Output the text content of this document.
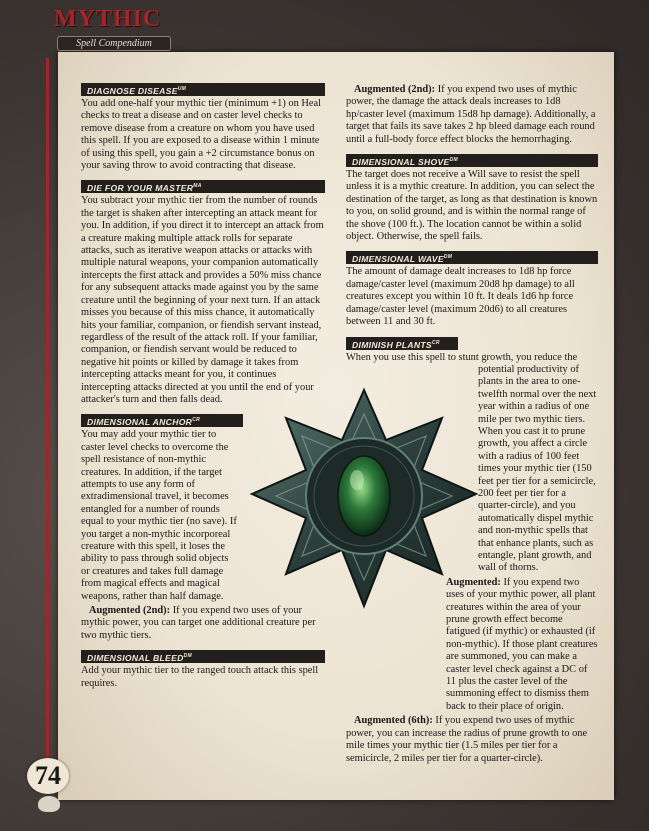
MYTHIC
Spell Compendium
DIAGNOSE $DISEASE^{UM}$

You add one-half your mythic tier (minimum +1) on Heal checks to treat a disease and on caster level checks to remove disease from a creature on whom you have used this spell. If you are exposed to a disease within 1 minute of using this spell, you gain a +2 circumstance bonus on your saving throw to avoid contracting that disease.

DIE FOR YOUR $MASTER^{MA}$

You subtract your mythic tier from the number of rounds the target is shaken after intercepting an attack meant for you. In addition, if you direct it to intercept an attack from a creature making multiple attack rolls for separate attacks, such as iterative weapon attacks or attacks with multiple natural weapons, your companion automatically intercepts the first attack and provides a 50% miss chance for any subsequent attacks made against you by the same creature until the beginning of your next turn. If an attack misses you because of this miss chance, it automatically hits your familiar, companion, or fiendish servant instead, regardless of the result of the attack roll. If your familiar, companion, or fiendish servant would be reduced to negative hit points or killed by damage it takes from intercepting attacks meant for you, it continues intercepting attacks directed at you until the end of your attacker's turn and then falls dead.

DIMENSIONAL $ANCHOR^{CR}$

You may add your mythic tier to caster level checks to overcome the spell resistance of non-mythic creatures. In addition, if the target attempts to use any form of extradimensional travel, it becomes entangled for a number of rounds equal to your mythic tier (no save). If you target a non-mythic incorporeal creature with this spell, it loses the ability to pass through solid objects or creatures and takes full damage from magical effects and magical weapons, rather than half damage.

Augmented (2nd): If you expend two uses of your mythic power, you can target one additional creature per two mythic tiers.

DIMENSIONAL $BLEED^{DM}$

Add your mythic tier to the ranged touch attack this spell requires.

Augmented (2nd): If you expend two uses of mythic power, the damage the attack deals increases to 1d8 hp/caster level (maximum 15d8 hp damage). Additionally, a target that fails its save takes 2 hp bleed damage each round until a full-body force effect blocks the hemorrhaging.

DIMENSIONAL $SHOVE^{DM}$

The target does not receive a Will save to resist the spell unless it is a mythic creature. In addition, you can select the destination of the target, as long as that destination is known to you, on solid ground, and is within the normal range of the shove (100 ft.). The location cannot be within a solid object. Otherwise, the spell fails.

DIMENSIONAL $WAVE^{DM}$

The amount of damage dealt increases to 1d8 hp force damage/caster level (maximum 20d8 hp damage) to all creatures except you within 10 ft. It deals 1d6 hp force damage/caster level (maximum 20d6) to all creatures between 11 and 30 ft.

DIMINISH $PLANTS^{CR}$

When you use this spell to stunt growth, you reduce the potential productivity of plants in the area to one-twelfth normal over the next year within a radius of one mile per two mythic tiers. When you cast it to prune growth, you affect a circle with a radius of 100 feet times your mythic tier (150 feet per tier for a semicircle, 200 feet per tier for a quarter-circle), and you automatically dispel mythic and non-mythic spells that that enhance plants, such as entangle, plant growth, and wall of thorns.

Augmented: If you expend two uses of your mythic power, all plant creatures within the area of your prune growth effect become fatigued (if mythic) or exhausted (if non-mythic). If those plant creatures are summoned, you can make a caster level check against a DC of 11 plus the caster level of the summoning effect to dismiss them back to their place of origin.

Augmented (6th): If you expend two uses of mythic power, you can increase the radius of prune growth to one mile times your mythic tier (1.5 miles per tier for a semicircle, 2 miles per tier for a quarter-circle).

74
